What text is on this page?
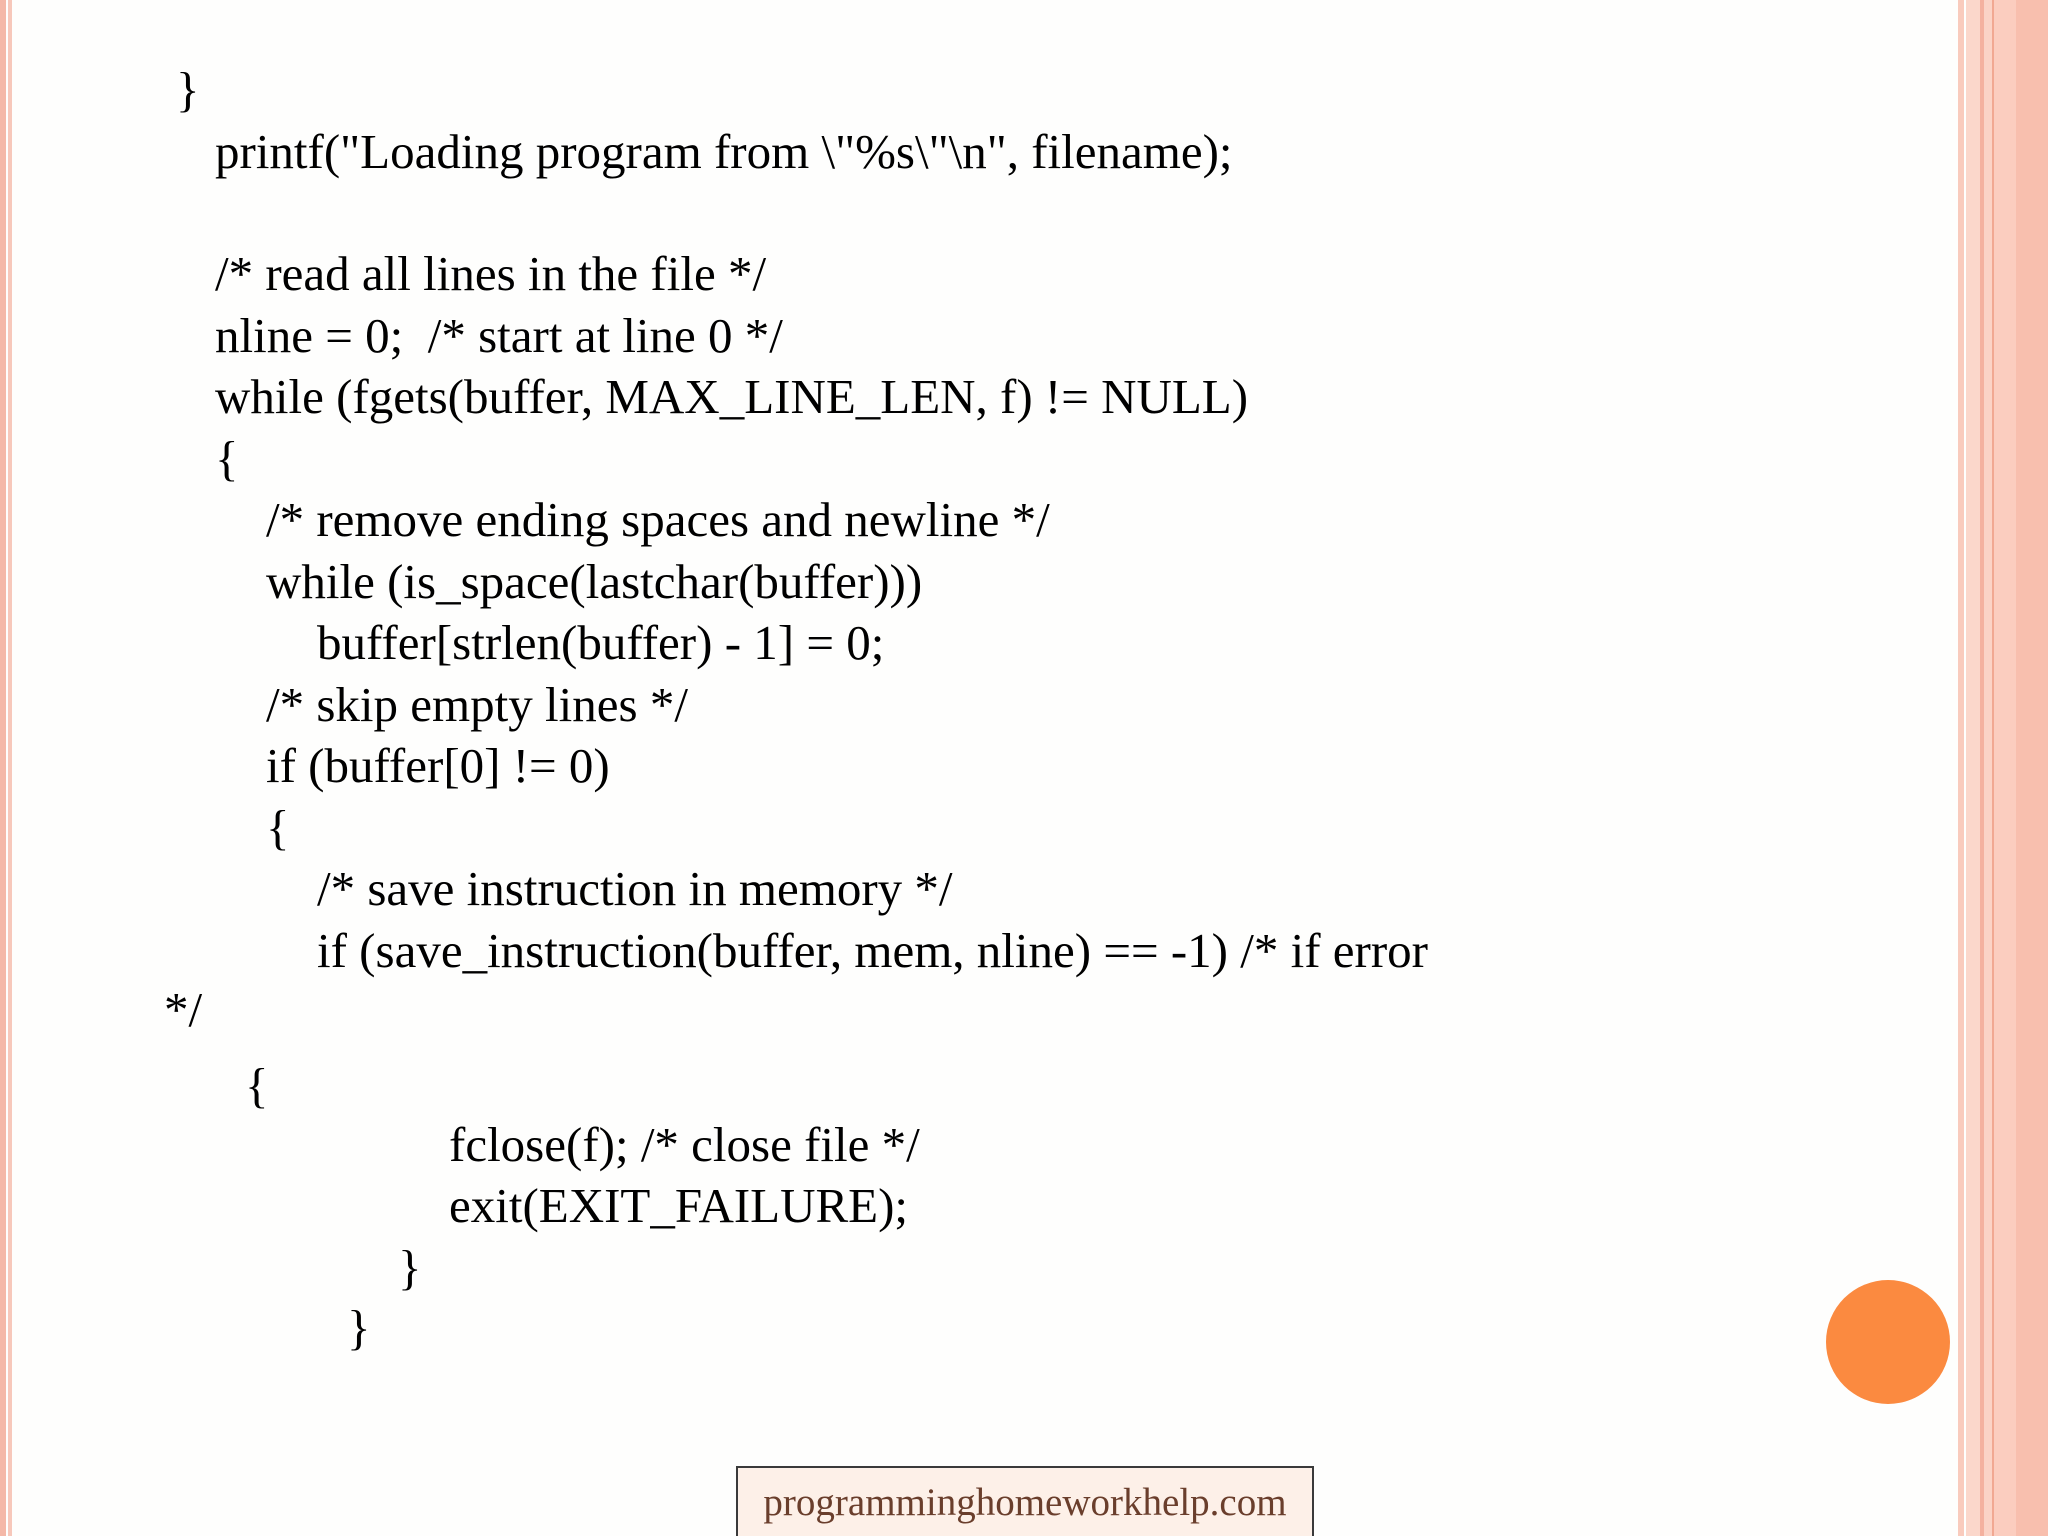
}
printf("Loading program from \"%s\"\n", filename);
/* read all lines in the file */
nline = 0;  /* start at line 0 */
while (fgets(buffer, MAX_LINE_LEN, f) != NULL)
{
/* remove ending spaces and newline */
while (is_space(lastchar(buffer)))
buffer[strlen(buffer) - 1] = 0;
/* skip empty lines */
if (buffer[0] != 0)
{
/* save instruction in memory */
if (save_instruction(buffer, mem, nline) == -1) /* if error
*/
{
fclose(f); /* close file */
exit(EXIT_FAILURE);
}
}
programminghomeworkhelp.com
